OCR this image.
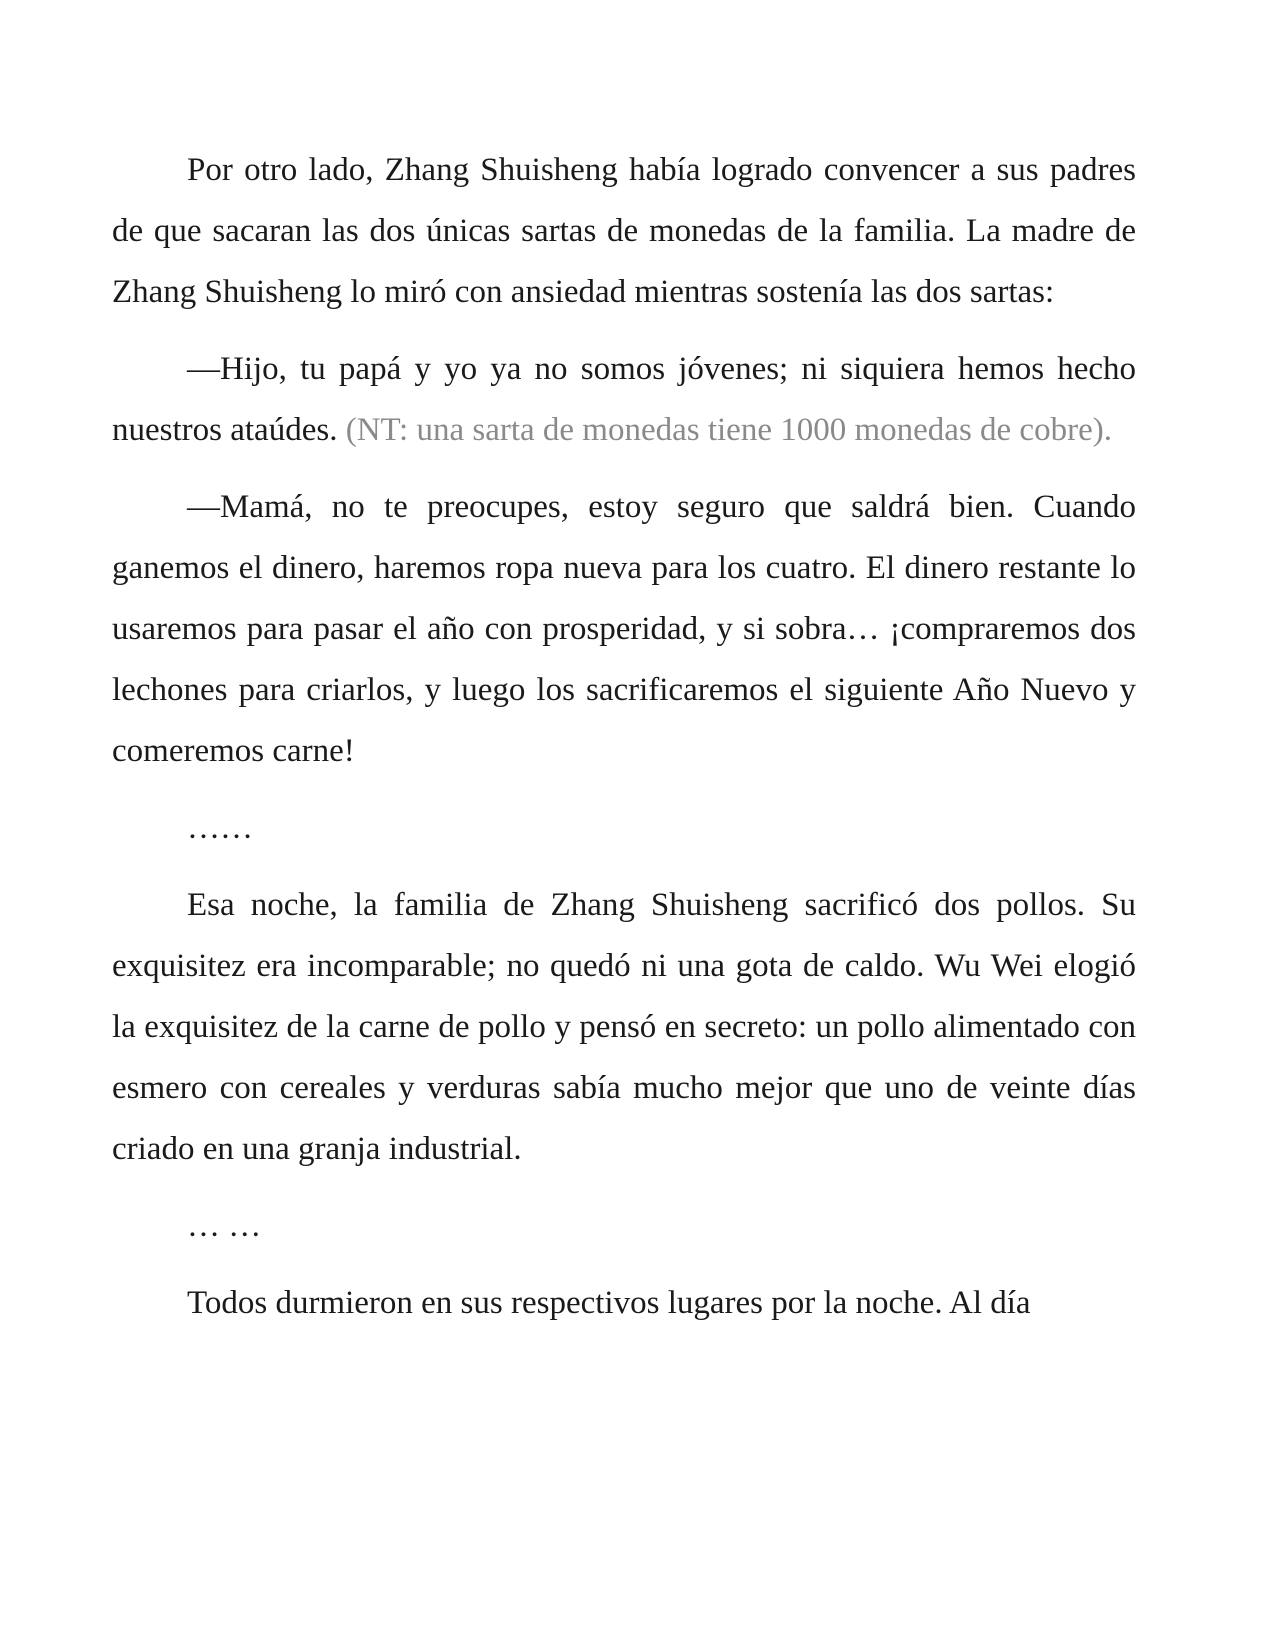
Por otro lado, Zhang Shuisheng había logrado convencer a sus padres de que sacaran las dos únicas sartas de monedas de la familia. La madre de Zhang Shuisheng lo miró con ansiedad mientras sostenía las dos sartas:

—Hijo, tu papá y yo ya no somos jóvenes; ni siquiera hemos hecho nuestros ataúdes. (NT: una sarta de monedas tiene 1000 monedas de cobre).

—Mamá, no te preocupes, estoy seguro que saldrá bien. Cuando ganemos el dinero, haremos ropa nueva para los cuatro. El dinero restante lo usaremos para pasar el año con prosperidad, y si sobra… ¡compraremos dos lechones para criarlos, y luego los sacrificaremos el siguiente Año Nuevo y comeremos carne!

……

Esa noche, la familia de Zhang Shuisheng sacrificó dos pollos. Su exquisitez era incomparable; no quedó ni una gota de caldo. Wu Wei elogió la exquisitez de la carne de pollo y pensó en secreto: un pollo alimentado con esmero con cereales y verduras sabía mucho mejor que uno de veinte días criado en una granja industrial.

… …

Todos durmieron en sus respectivos lugares por la noche. Al día
